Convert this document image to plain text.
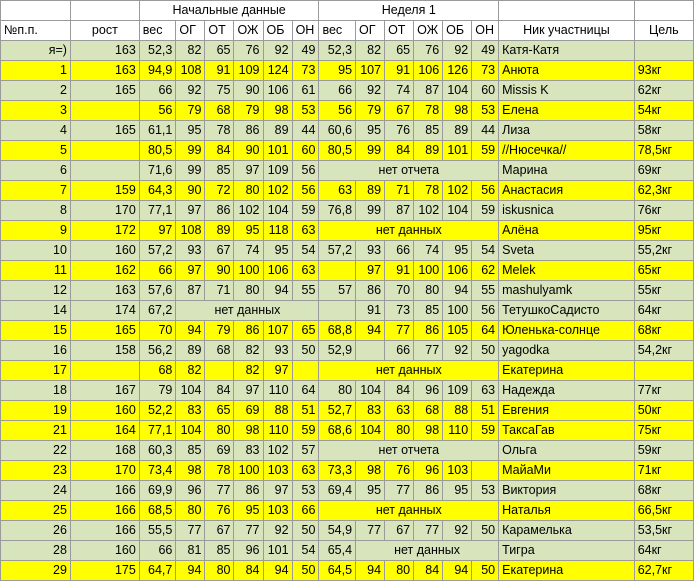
		Начальные данные						Неделя 1							
№п.п.	рост	вес	ОГ	ОТ	ОЖ	ОБ	ОН	вес	ОГ	ОТ	ОЖ	ОБ	ОН	Ник участницы	Цель
я=)	163	52,3	82	65	76	92	49	52,3	82	65	76	92	49	Катя-Катя	
1	163	94,9	108	91	109	124	73	95	107	91	106	126	73	Анюта	93кг
2	165	66	92	75	90	106	61	66	92	74	87	104	60	Missis K	62кг
3		56	79	68	79	98	53	56	79	67	78	98	53	Елена	54кг
4	165	61,1	95	78	86	89	44	60,6	95	76	85	89	44	Лиза	58кг
5		80,5	99	84	90	101	60	80,5	99	84	89	101	59	//Нюсечка//	78,5кг
6		71,6	99	85	97	109	56	нет отчета						Марина	69кг
7	159	64,3	90	72	80	102	56	63	89	71	78	102	56	Анастасия	62,3кг
8	170	77,1	97	86	102	104	59	76,8	99	87	102	104	59	iskusnica	76кг
9	172	97	108	89	95	118	63	нет данных						Алёна	95кг
10	160	57,2	93	67	74	95	54	57,2	93	66	74	95	54	Sveta	55,2кг
11	162	66	97	90	100	106	63		97	91	100	106	62	Melek	65кг
12	163	57,6	87	71	80	94	55	57	86	70	80	94	55	mashulyamk	55кг
14	174	67,2	нет данных						91	73	85	100	56	ТетушкоСадисто	64кг
15	165	70	94	79	86	107	65	68,8	94	77	86	105	64	Юленька-солнце	68кг
16	158	56,2	89	68	82	93	50	52,9		66	77	92	50	yagodka	54,2кг
17		68	82		82	97		нет данных						Екатерина	
18	167	79	104	84	97	110	64	80	104	84	96	109	63	Надежда	77кг
19	160	52,2	83	65	69	88	51	52,7	83	63	68	88	51	Евгения	50кг
21	164	77,1	104	80	98	110	59	68,6	104	80	98	110	59	ТаксаГав	75кг
22	168	60,3	85	69	83	102	57	нет отчета						Ольга	59кг
23	170	73,4	98	78	100	103	63	73,3	98	76	96	103		МайаМи	71кг
24	166	69,9	96	77	86	97	53	69,4	95	77	86	95	53	Виктория	68кг
25	166	68,5	80	76	95	103	66	нет данных						Наталья	66,5кг
26	166	55,5	77	67	77	92	50	54,9	77	67	77	92	50	Карамелька	53,5кг
28	160	66	81	85	96	101	54	65,4	нет данных					Тигра	64кг
29	175	64,7	94	80	84	94	50	64,5	94	80	84	94	50	Екатерина	62,7кг
